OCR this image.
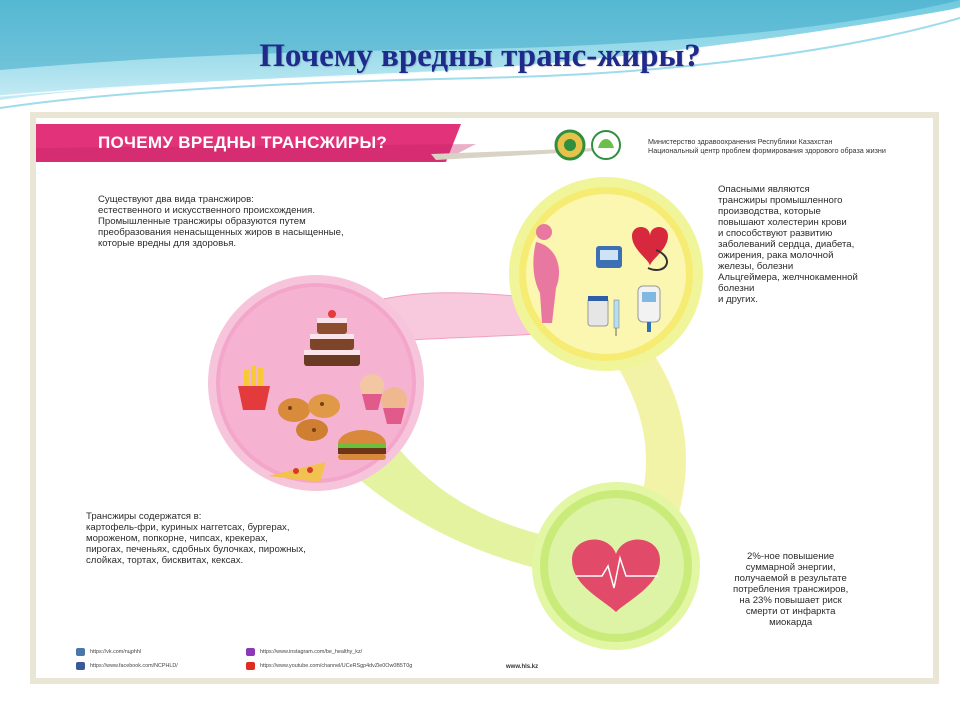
Почему вредны транс-жиры?
ПОЧЕМУ ВРЕДНЫ ТРАНСЖИРЫ?	Министерство здравоохранения Республики Казахстан
Национальный центр проблем формирования здорового образа жизни
Существуют два вида трансжиров:
естественного и искусственного происхождения.
Промышленные трансжиры образуются путем
преобразования ненасыщенных жиров в насыщенные,
которые вредны для здоровья.
Опасными являются
трансжиры промышленного
производства, которые
повышают холестерин крови
и способствуют развитию
заболеваний сердца, диабета,
ожирения, рака молочной
железы, болезни
Альцгеймера, желчнокаменной
болезни
и других.
Трансжиры содержатся в:
картофель-фри, куриных наггетсах, бургерах,
мороженом, попкорне, чипсах, крекерах,
пирогах, печеньях, сдобных булочках, пирожных,
слойках, тортах, бисквитах, кексах.	2%-ное повышение
суммарной энергии,
получаемой в результате
потребления трансжиров,
на 23% повышает риск
смерти от инфаркта
миокарда
https://vk.com/nцphhl
https://www.facebook.com/NCPHLD/
https://www.instagram.com/be_healthy_kz/
https://www.youtube.com/channel/UCeRSgp4dvZle0Ow0B5T0g	www.hls.kz
